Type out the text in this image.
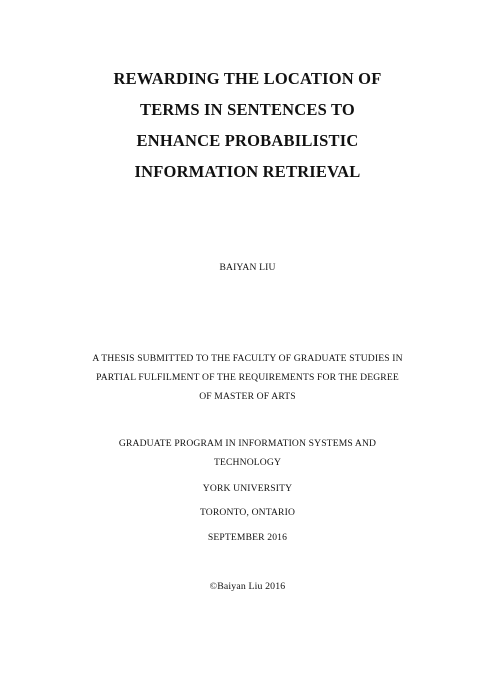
REWARDING THE LOCATION OF
TERMS IN SENTENCES TO
ENHANCE PROBABILISTIC
INFORMATION RETRIEVAL

BAIYAN LIU

A THESIS SUBMITTED TO THE FACULTY OF GRADUATE STUDIES IN
PARTIAL FULFILMENT OF THE REQUIREMENTS FOR THE DEGREE
OF MASTER OF ARTS

GRADUATE PROGRAM IN INFORMATION SYSTEMS AND
TECHNOLOGY

YORK UNIVERSITY

TORONTO, ONTARIO

SEPTEMBER 2016

©Baiyan Liu 2016
